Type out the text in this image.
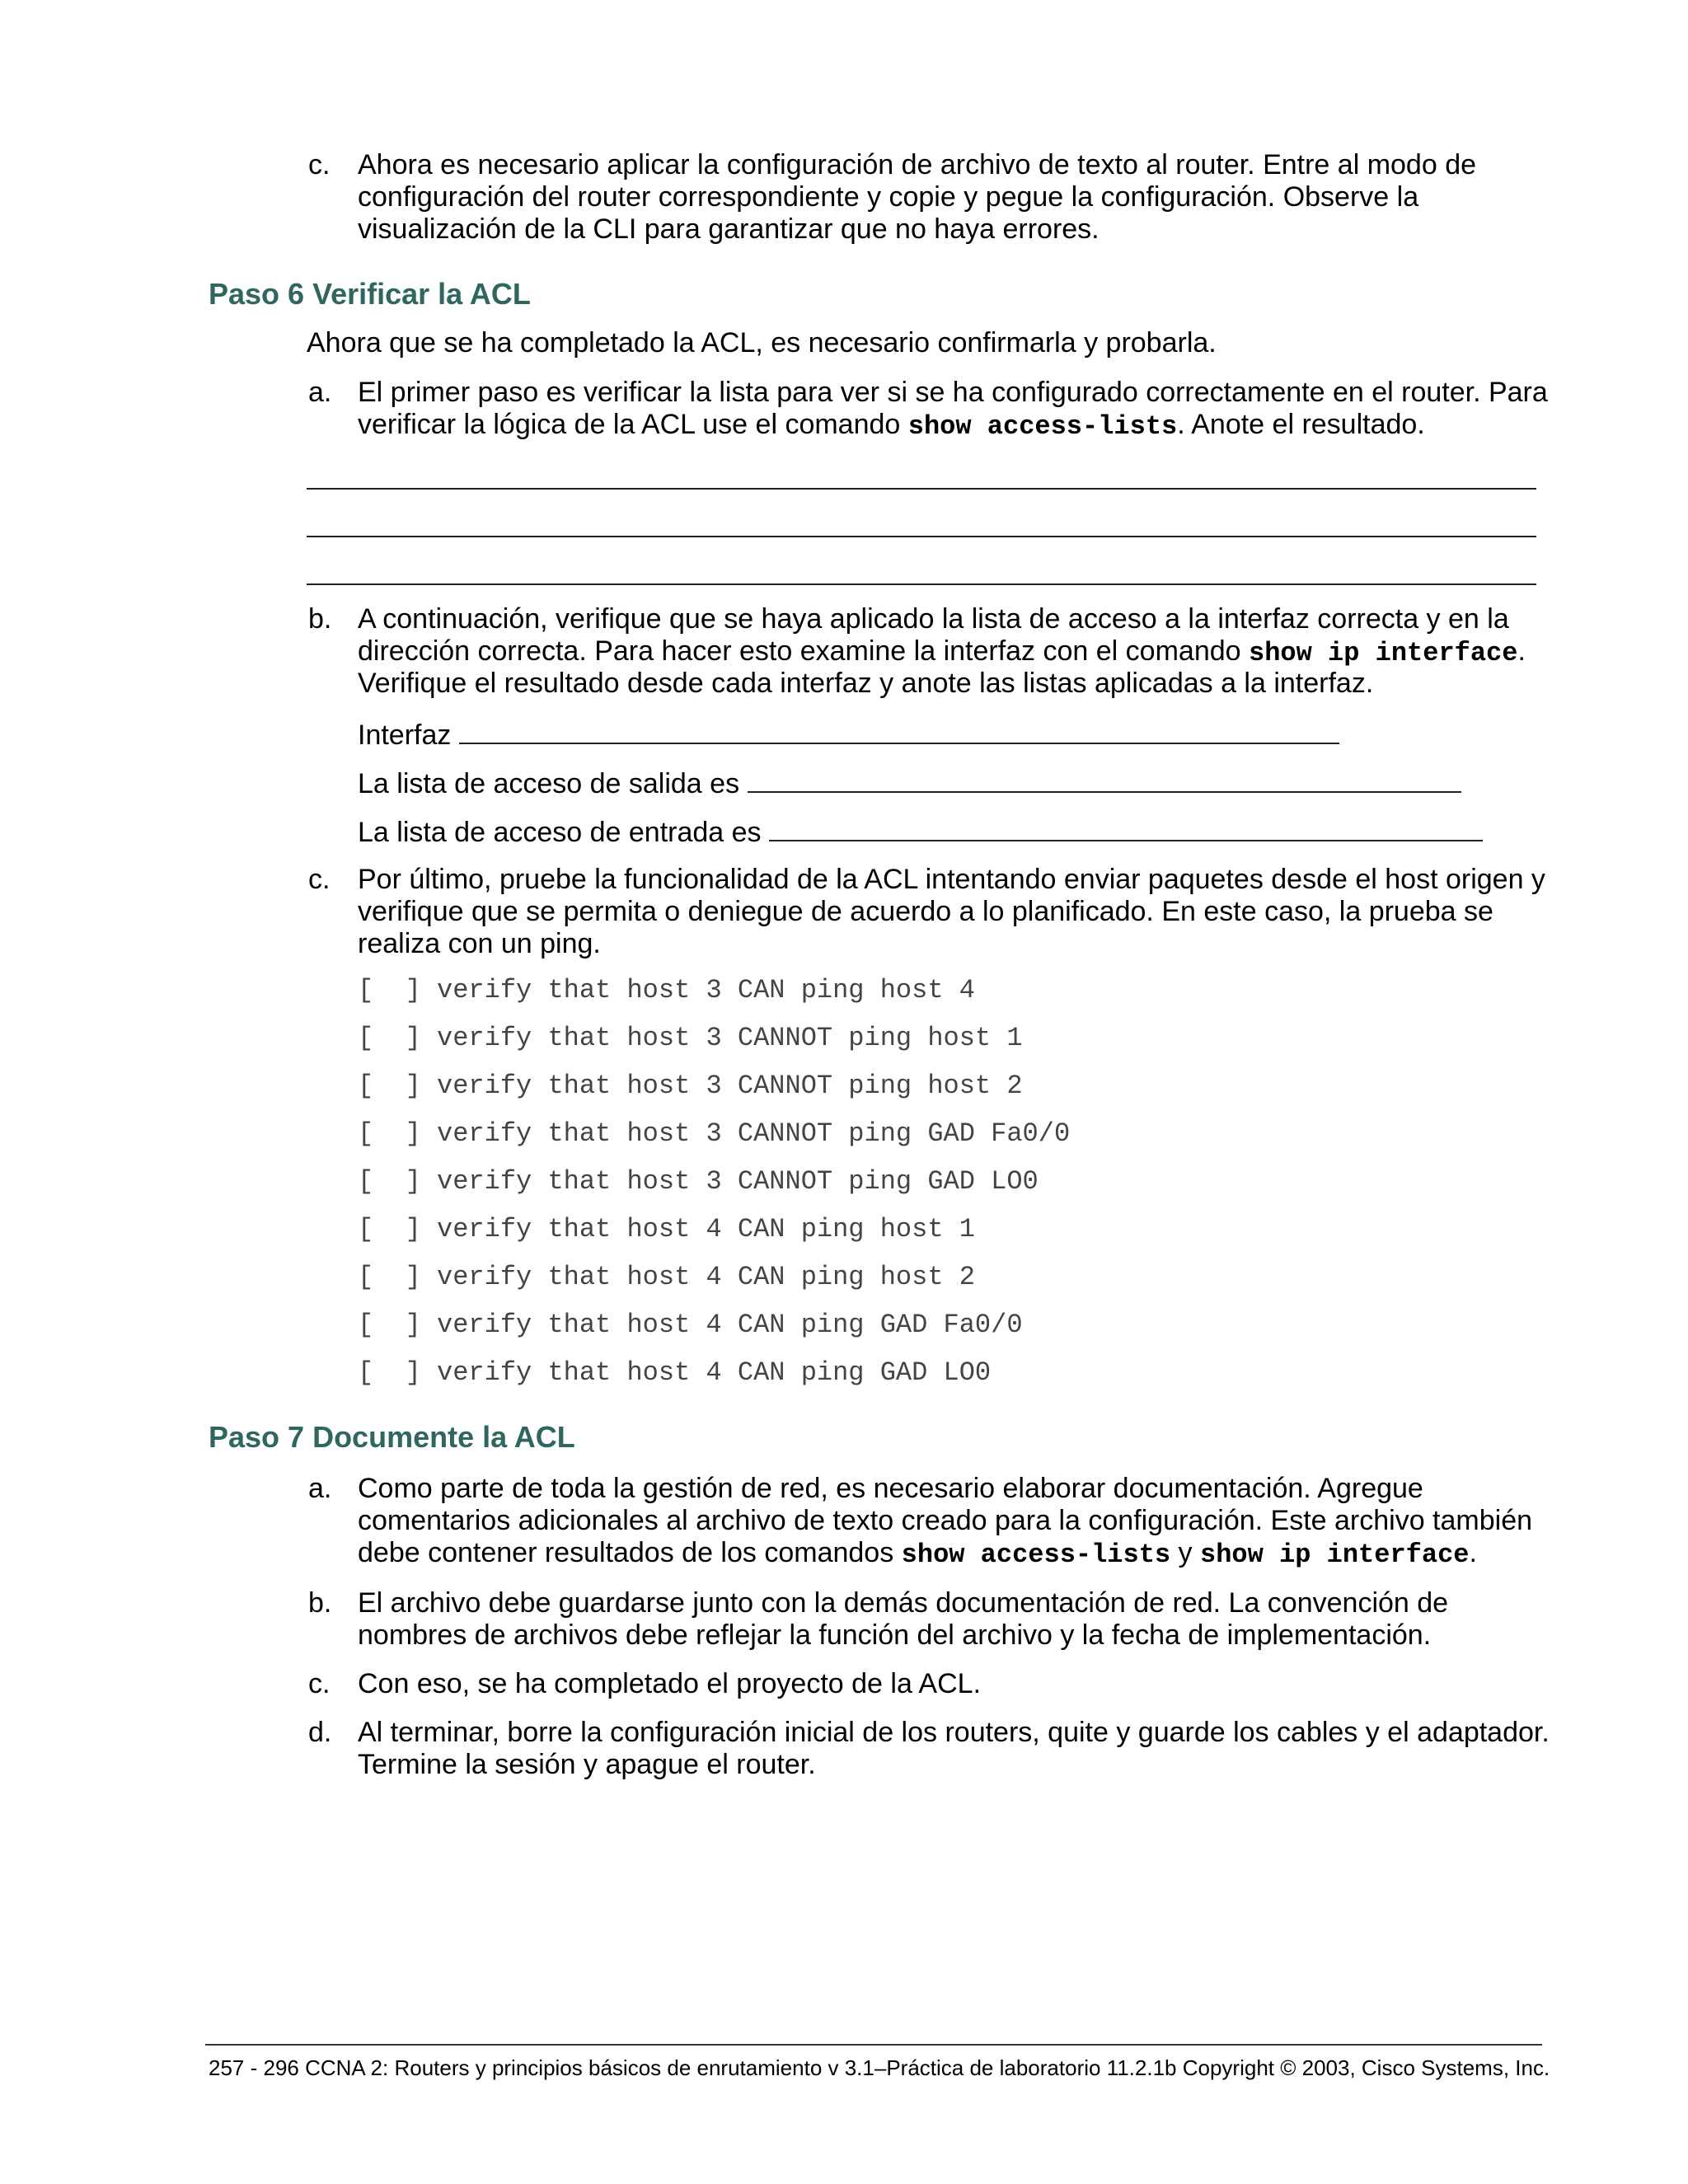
c. Ahora es necesario aplicar la configuración de archivo de texto al router. Entre al modo de
configuración del router correspondiente y copie y pegue la configuración. Observe la
visualización de la CLI para garantizar que no haya errores.
Paso 6 Verificar la ACL
Ahora que se ha completado la ACL, es necesario confirmarla y probarla.
a. El primer paso es verificar la lista para ver si se ha configurado correctamente en el router. Para
verificar la lógica de la ACL use el comando show access-lists. Anote el resultado.
b. A continuación, verifique que se haya aplicado la lista de acceso a la interfaz correcta y en la
dirección correcta. Para hacer esto examine la interfaz con el comando show ip interface.
Verifique el resultado desde cada interfaz y anote las listas aplicadas a la interfaz.
Interfaz
La lista de acceso de salida es
La lista de acceso de entrada es
c. Por último, pruebe la funcionalidad de la ACL intentando enviar paquetes desde el host origen y
verifique que se permita o deniegue de acuerdo a lo planificado. En este caso, la prueba se
realiza con un ping.
[  ] verify that host 3 CAN ping host 4
[  ] verify that host 3 CANNOT ping host 1
[  ] verify that host 3 CANNOT ping host 2
[  ] verify that host 3 CANNOT ping GAD Fa0/0
[  ] verify that host 3 CANNOT ping GAD LO0
[  ] verify that host 4 CAN ping host 1
[  ] verify that host 4 CAN ping host 2
[  ] verify that host 4 CAN ping GAD Fa0/0
[  ] verify that host 4 CAN ping GAD LO0
Paso 7 Documente la ACL
a. Como parte de toda la gestión de red, es necesario elaborar documentación. Agregue
comentarios adicionales al archivo de texto creado para la configuración. Este archivo también
debe contener resultados de los comandos show access-lists y show ip interface.
b. El archivo debe guardarse junto con la demás documentación de red. La convención de
nombres de archivos debe reflejar la función del archivo y la fecha de implementación.
c. Con eso, se ha completado el proyecto de la ACL.
d. Al terminar, borre la configuración inicial de los routers, quite y guarde los cables y el adaptador.
Termine la sesión y apague el router.
257 - 296 CCNA 2: Routers y principios básicos de enrutamiento v 3.1–Práctica de laboratorio 11.2.1b Copyright © 2003, Cisco Systems, Inc.
